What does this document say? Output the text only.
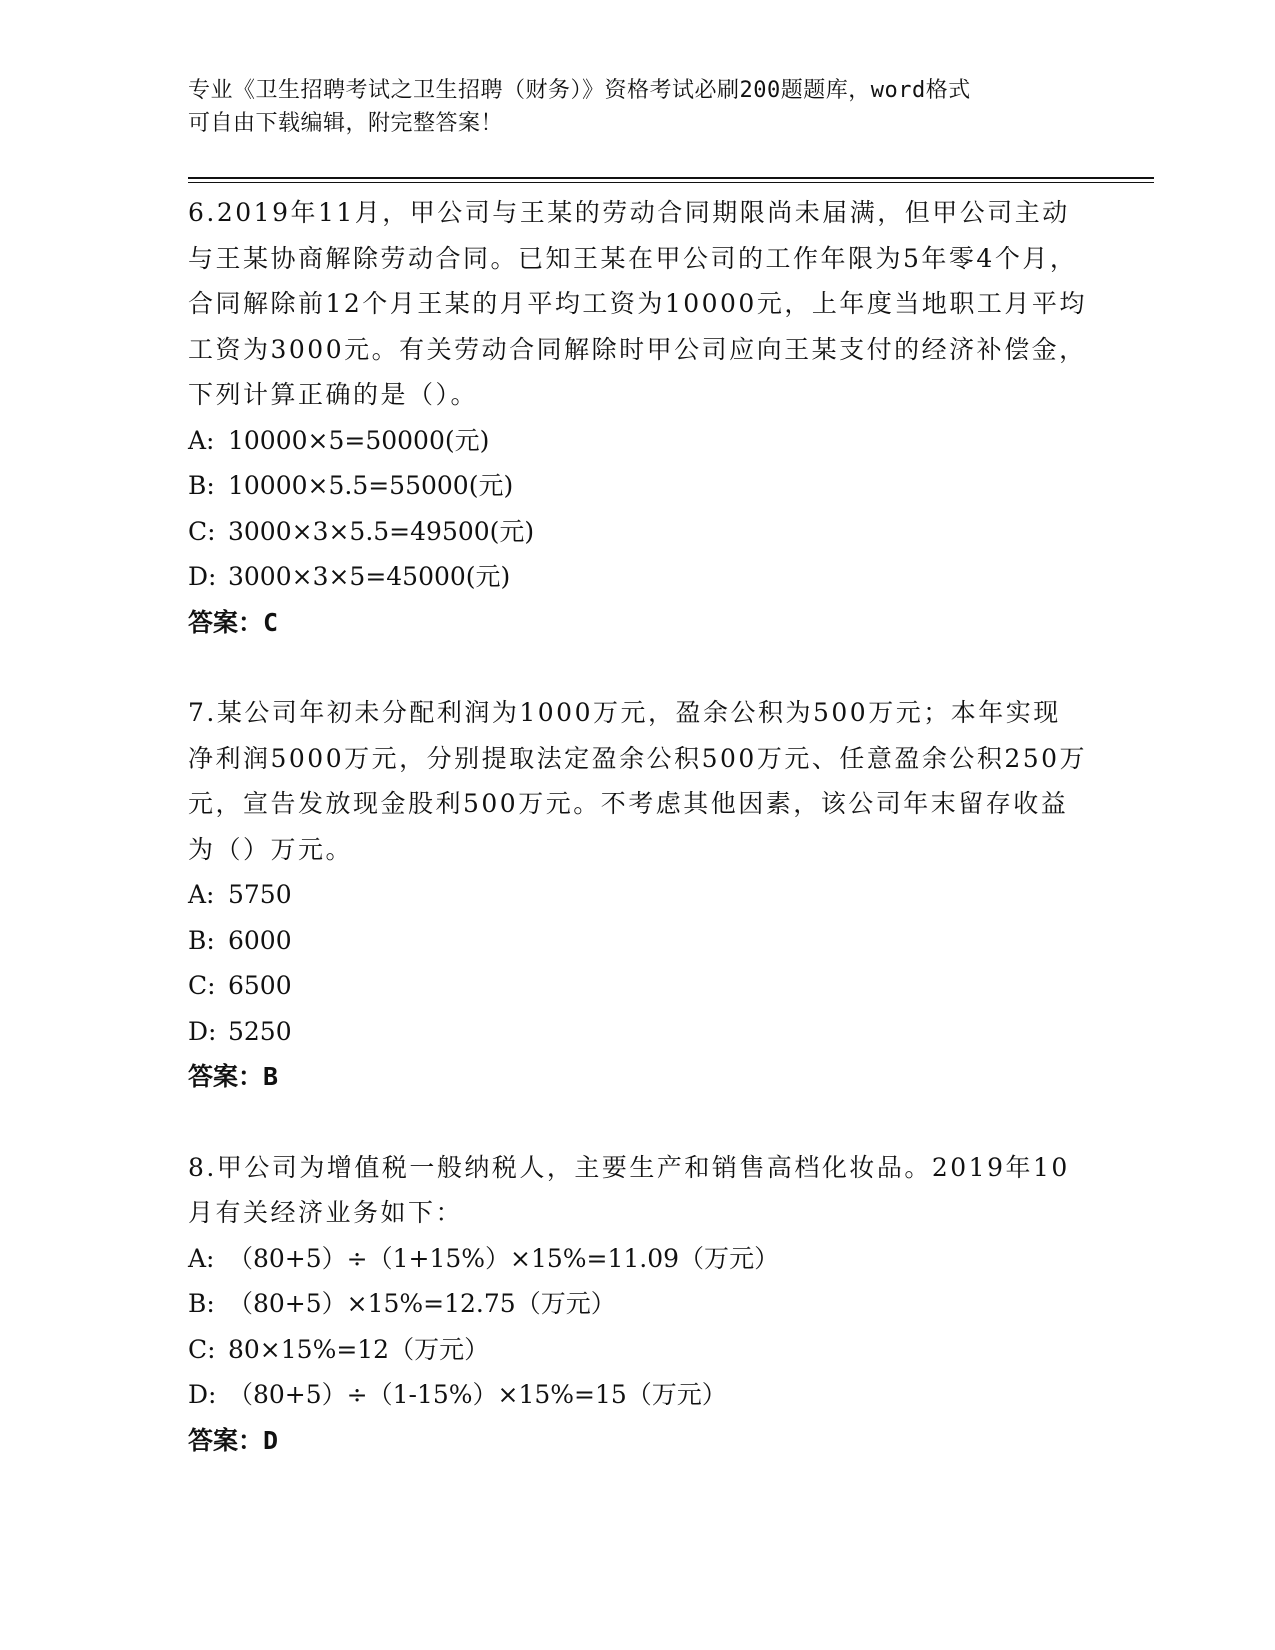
专业《卫生招聘考试之卫生招聘（财务）》资格考试必刷200题题库，word格式
可自由下载编辑，附完整答案！
6.2019年11月，甲公司与王某的劳动合同期限尚未届满，但甲公司主动与王某协商解除劳动合同。已知王某在甲公司的工作年限为5年零4个月，合同解除前12个月王某的月平均工资为10000元，上年度当地职工月平均工资为3000元。有关劳动合同解除时甲公司应向王某支付的经济补偿金，下列计算正确的是（）。
A: 10000×5=50000(元)
B: 10000×5.5=55000(元)
C: 3000×3×5.5=49500(元)
D: 3000×3×5=45000(元)
答案：C
7.某公司年初未分配利润为1000万元，盈余公积为500万元；本年实现净利润5000万元，分别提取法定盈余公积500万元、任意盈余公积250万元，宣告发放现金股利500万元。不考虑其他因素，该公司年末留存收益为（）万元。
A: 5750
B: 6000
C: 6500
D: 5250
答案：B
8.甲公司为增值税一般纳税人，主要生产和销售高档化妆品。2019年10月有关经济业务如下：
A: （80+5）÷（1+15%）×15%=11.09（万元）
B: （80+5）×15%=12.75（万元）
C: 80×15%=12（万元）
D: （80+5）÷（1-15%）×15%=15（万元）
答案：D
